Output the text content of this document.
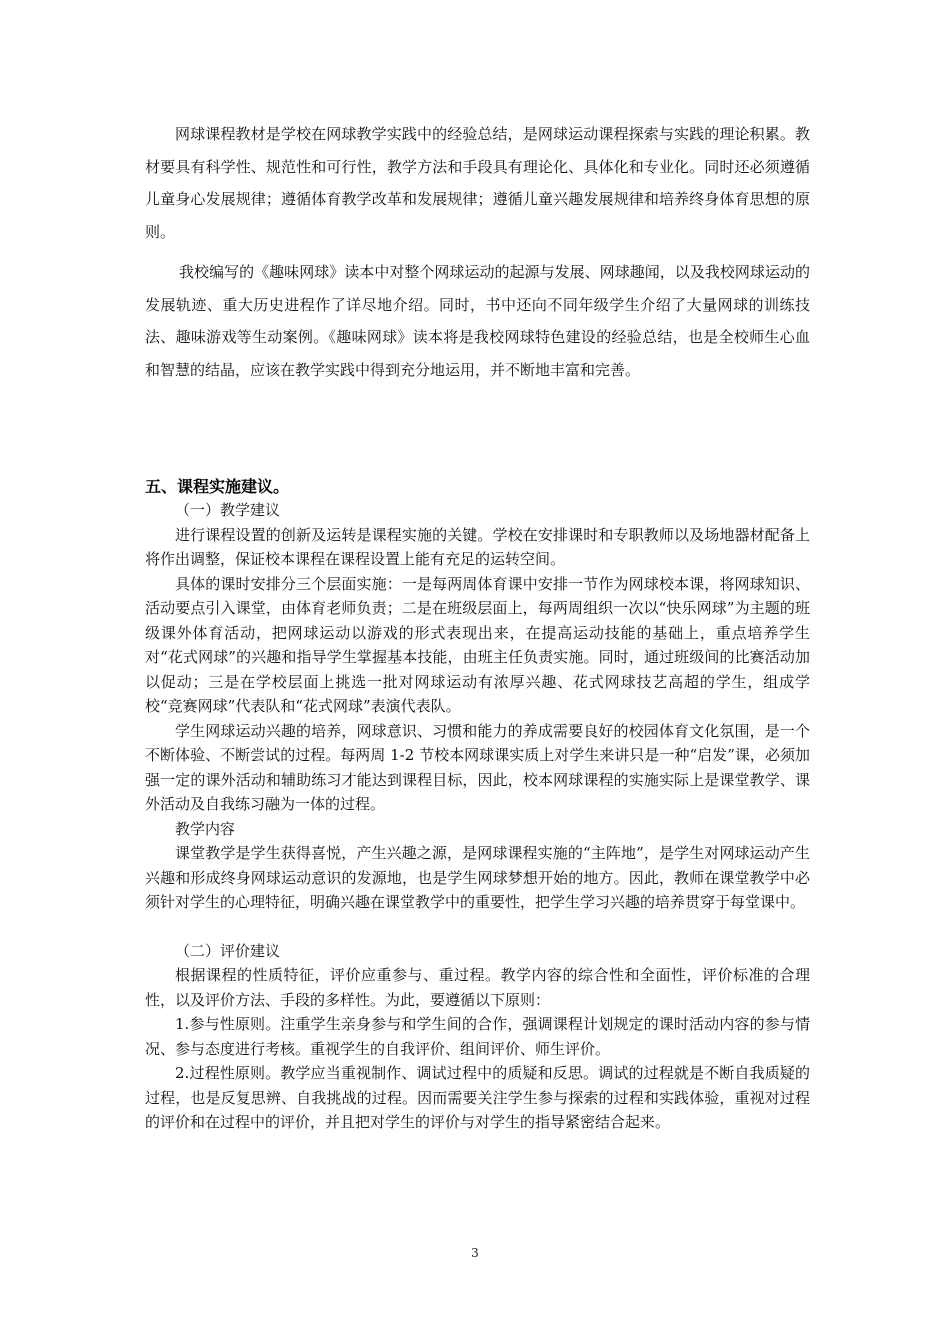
网球课程教材是学校在网球教学实践中的经验总结，是网球运动课程探索与实践的理论积累。教材要具有科学性、规范性和可行性，教学方法和手段具有理论化、具体化和专业化。同时还必须遵循儿童身心发展规律；遵循体育教学改革和发展规律；遵循儿童兴趣发展规律和培养终身体育思想的原则。
我校编写的《趣味网球》读本中对整个网球运动的起源与发展、网球趣闻，以及我校网球运动的发展轨迹、重大历史进程作了详尽地介绍。同时，书中还向不同年级学生介绍了大量网球的训练技法、趣味游戏等生动案例。《趣味网球》读本将是我校网球特色建设的经验总结，也是全校师生心血和智慧的结晶，应该在教学实践中得到充分地运用，并不断地丰富和完善。
五、课程实施建议。
（一）教学建议
进行课程设置的创新及运转是课程实施的关键。学校在安排课时和专职教师以及场地器材配备上将作出调整，保证校本课程在课程设置上能有充足的运转空间。
具体的课时安排分三个层面实施：一是每两周体育课中安排一节作为网球校本课，将网球知识、活动要点引入课堂，由体育老师负责；二是在班级层面上，每两周组织一次以“快乐网球”为主题的班级课外体育活动，把网球运动以游戏的形式表现出来，在提高运动技能的基础上，重点培养学生对“花式网球”的兴趣和指导学生掌握基本技能，由班主任负责实施。同时，通过班级间的比赛活动加以促动；三是在学校层面上挑选一批对网球运动有浓厚兴趣、花式网球技艺高超的学生，组成学校“竞赛网球”代表队和“花式网球”表演代表队。
学生网球运动兴趣的培养，网球意识、习惯和能力的养成需要良好的校园体育文化氛围，是一个不断体验、不断尝试的过程。每两周 1-2 节校本网球课实质上对学生来讲只是一种“启发”课，必须加强一定的课外活动和辅助练习才能达到课程目标，因此，校本网球课程的实施实际上是课堂教学、课外活动及自我练习融为一体的过程。
教学内容
课堂教学是学生获得喜悦，产生兴趣之源，是网球课程实施的“主阵地”，是学生对网球运动产生兴趣和形成终身网球运动意识的发源地，也是学生网球梦想开始的地方。因此，教师在课堂教学中必须针对学生的心理特征，明确兴趣在课堂教学中的重要性，把学生学习兴趣的培养贯穿于每堂课中。
（二）评价建议
根据课程的性质特征，评价应重参与、重过程。教学内容的综合性和全面性，评价标准的合理性，以及评价方法、手段的多样性。为此，要遵循以下原则：
1.参与性原则。注重学生亲身参与和学生间的合作，强调课程计划规定的课时活动内容的参与情况、参与态度进行考核。重视学生的自我评价、组间评价、师生评价。
2.过程性原则。教学应当重视制作、调试过程中的质疑和反思。调试的过程就是不断自我质疑的过程，也是反复思辨、自我挑战的过程。因而需要关注学生参与探索的过程和实践体验，重视对过程的评价和在过程中的评价，并且把对学生的评价与对学生的指导紧密结合起来。
3
